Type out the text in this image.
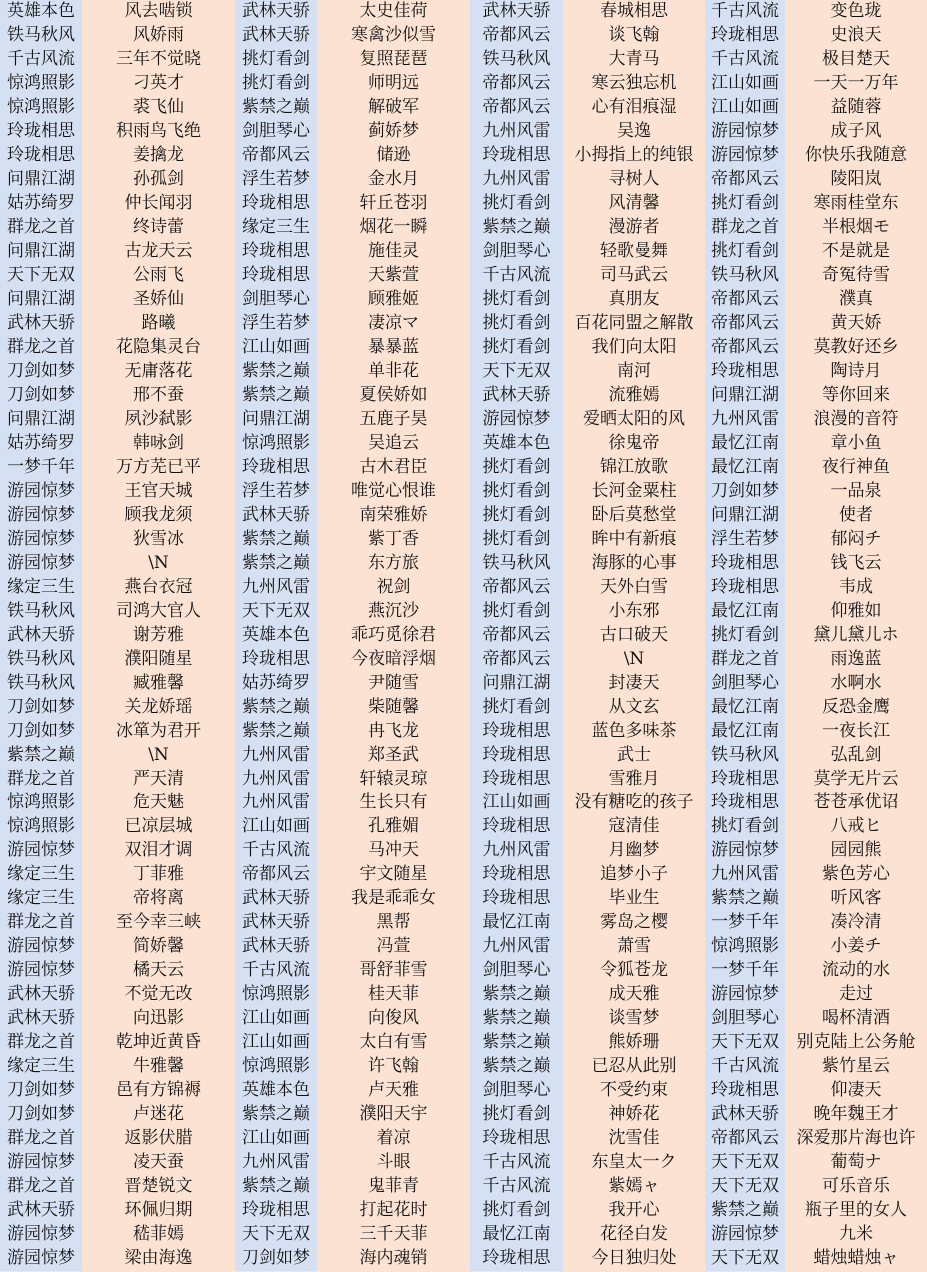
英雄本色	风去啮锁	武林天骄	太史佳荷	武林天骄	春城相思	千古风流	变色珑
铁马秋风	风娇雨	武林天骄	寒禽沙似雪	帝都风云	谈飞翰	玲珑相思	史浪天
千古风流	三年不觉晓	挑灯看剑	复照琵琶	铁马秋风	大青马	千古风流	极目楚天
惊鸿照影	刁英才	挑灯看剑	师明远	帝都风云	寒云独忘机	江山如画	一天一万年
惊鸿照影	裘飞仙	紫禁之巅	解破军	帝都风云	心有泪痕湿	江山如画	益随蓉
玲珑相思	积雨鸟飞绝	剑胆琴心	蓟娇梦	九州风雷	吴逸	游园惊梦	成子风
玲珑相思	姜擒龙	帝都风云	储逊	玲珑相思	小拇指上的纯银	游园惊梦	你快乐我随意
问鼎江湖	孙孤剑	浮生若梦	金水月	九州风雷	寻树人	帝都风云	陵阳岚
姑苏绮罗	仲长闻羽	玲珑相思	轩丘苍羽	挑灯看剑	风清馨	挑灯看剑	寒雨桂堂东
群龙之首	终诗蕾	缘定三生	烟花一瞬	紫禁之巅	漫游者	群龙之首	半根烟モ
问鼎江湖	古龙天云	玲珑相思	施佳灵	剑胆琴心	轻歌曼舞	挑灯看剑	不是就是
天下无双	公雨飞	玲珑相思	天紫萱	千古风流	司马武云	铁马秋风	奇冤待雪
问鼎江湖	圣娇仙	剑胆琴心	顾雅姬	挑灯看剑	真朋友	帝都风云	濮真
武林天骄	路曦	浮生若梦	凄凉マ	挑灯看剑	百花同盟之解散	帝都风云	黄天娇
群龙之首	花隐集灵台	江山如画	暴暴蓝	挑灯看剑	我们向太阳	帝都风云	莫教好还乡
刀剑如梦	无庸落花	紫禁之巅	单非花	天下无双	南河	玲珑相思	陶诗月
刀剑如梦	邢不蚕	紫禁之巅	夏侯娇如	武林天骄	流雅嫣	问鼎江湖	等你回来
问鼎江湖	夙沙弑影	问鼎江湖	五鹿子昊	游园惊梦	爱晒太阳的风	九州风雷	浪漫的音符
姑苏绮罗	韩咏剑	惊鸿照影	吴追云	英雄本色	徐鬼帝	最忆江南	章小鱼
一梦千年	万方芜已平	玲珑相思	古木君臣	挑灯看剑	锦江放歌	最忆江南	夜行神鱼
游园惊梦	王官天城	浮生若梦	唯觉心恨谁	挑灯看剑	长河金粟柱	刀剑如梦	一品泉
游园惊梦	顾我龙须	武林天骄	南荣雅娇	挑灯看剑	卧后莫愁堂	问鼎江湖	使者
游园惊梦	狄雪冰	紫禁之巅	紫丁香	挑灯看剑	眸中有新痕	浮生若梦	郁闷チ
游园惊梦	\N	紫禁之巅	东方旅	铁马秋风	海豚的心事	玲珑相思	钱飞云
缘定三生	燕台衣冠	九州风雷	祝剑	帝都风云	天外白雪	玲珑相思	韦成
铁马秋风	司鸿大官人	天下无双	燕沉沙	挑灯看剑	小东邪	最忆江南	仰雅如
武林天骄	谢芳雅	英雄本色	乖巧觅徐君	帝都风云	古口破天	挑灯看剑	黛儿黛儿ホ
铁马秋风	濮阳随星	玲珑相思	今夜暗浮烟	帝都风云	\N	群龙之首	雨逸蓝
铁马秋风	臧雅馨	姑苏绮罗	尹随雪	问鼎江湖	封凄天	剑胆琴心	水啊水
刀剑如梦	关龙娇瑶	紫禁之巅	柴随馨	挑灯看剑	从文玄	最忆江南	反恐金鹰
刀剑如梦	冰箪为君开	紫禁之巅	冉飞龙	玲珑相思	蓝色多味茶	最忆江南	一夜长江
紫禁之巅	\N	九州风雷	郑圣武	玲珑相思	武士	铁马秋风	弘乱剑
群龙之首	严天清	九州风雷	轩辕灵琼	玲珑相思	雪雅月	玲珑相思	莫学无片云
惊鸿照影	危天魅	九州风雷	生长只有	江山如画	没有糖吃的孩子	玲珑相思	苍苍承优诏
惊鸿照影	已凉层城	江山如画	孔雅媚	玲珑相思	寇清佳	挑灯看剑	八戒ヒ
游园惊梦	双泪才调	千古风流	马冲天	九州风雷	月幽梦	游园惊梦	园园熊
缘定三生	丁菲雅	帝都风云	宇文随星	玲珑相思	追梦小子	九州风雷	紫色芳心
缘定三生	帝将离	武林天骄	我是乖乖女	玲珑相思	毕业生	紫禁之巅	听风客
群龙之首	至今幸三峡	武林天骄	黑帮	最忆江南	雾岛之樱	一梦千年	凑冷清
游园惊梦	简娇馨	武林天骄	冯萱	九州风雷	萧雪	惊鸿照影	小姜チ
游园惊梦	橘天云	千古风流	哥舒菲雪	剑胆琴心	令狐苍龙	一梦千年	流动的水
武林天骄	不觉无改	惊鸿照影	桂天菲	紫禁之巅	成天雅	游园惊梦	走过
武林天骄	向迅影	江山如画	向俊风	紫禁之巅	谈雪梦	剑胆琴心	喝杯清酒
群龙之首	乾坤近黄昏	江山如画	太白有雪	紫禁之巅	熊娇珊	天下无双	别克陆上公务舱
缘定三生	牛雅馨	惊鸿照影	许飞翰	紫禁之巅	已忍从此别	千古风流	紫竹星云
刀剑如梦	邑有方锦褥	英雄本色	卢天雅	剑胆琴心	不受约束	玲珑相思	仰凄天
刀剑如梦	卢迷花	紫禁之巅	濮阳天宇	挑灯看剑	神娇花	武林天骄	晚年魏王才
群龙之首	返影伏腊	江山如画	着凉	玲珑相思	沈雪佳	帝都风云	深爱那片海也许
游园惊梦	凌天蚕	九州风雷	斗眼	千古风流	东皇太一ク	天下无双	葡萄ナ
群龙之首	晋楚锐文	紫禁之巅	鬼菲青	千古风流	紫嫣ャ	天下无双	可乐音乐
武林天骄	环佩归期	玲珑相思	打起花时	挑灯看剑	我开心	紫禁之巅	瓶子里的女人
游园惊梦	嵇菲嫣	天下无双	三千天菲	最忆江南	花径白发	游园惊梦	九米
游园惊梦	梁由海逸	刀剑如梦	海内魂销	玲珑相思	今日独归处	天下无双	蜡烛蜡烛ャ
